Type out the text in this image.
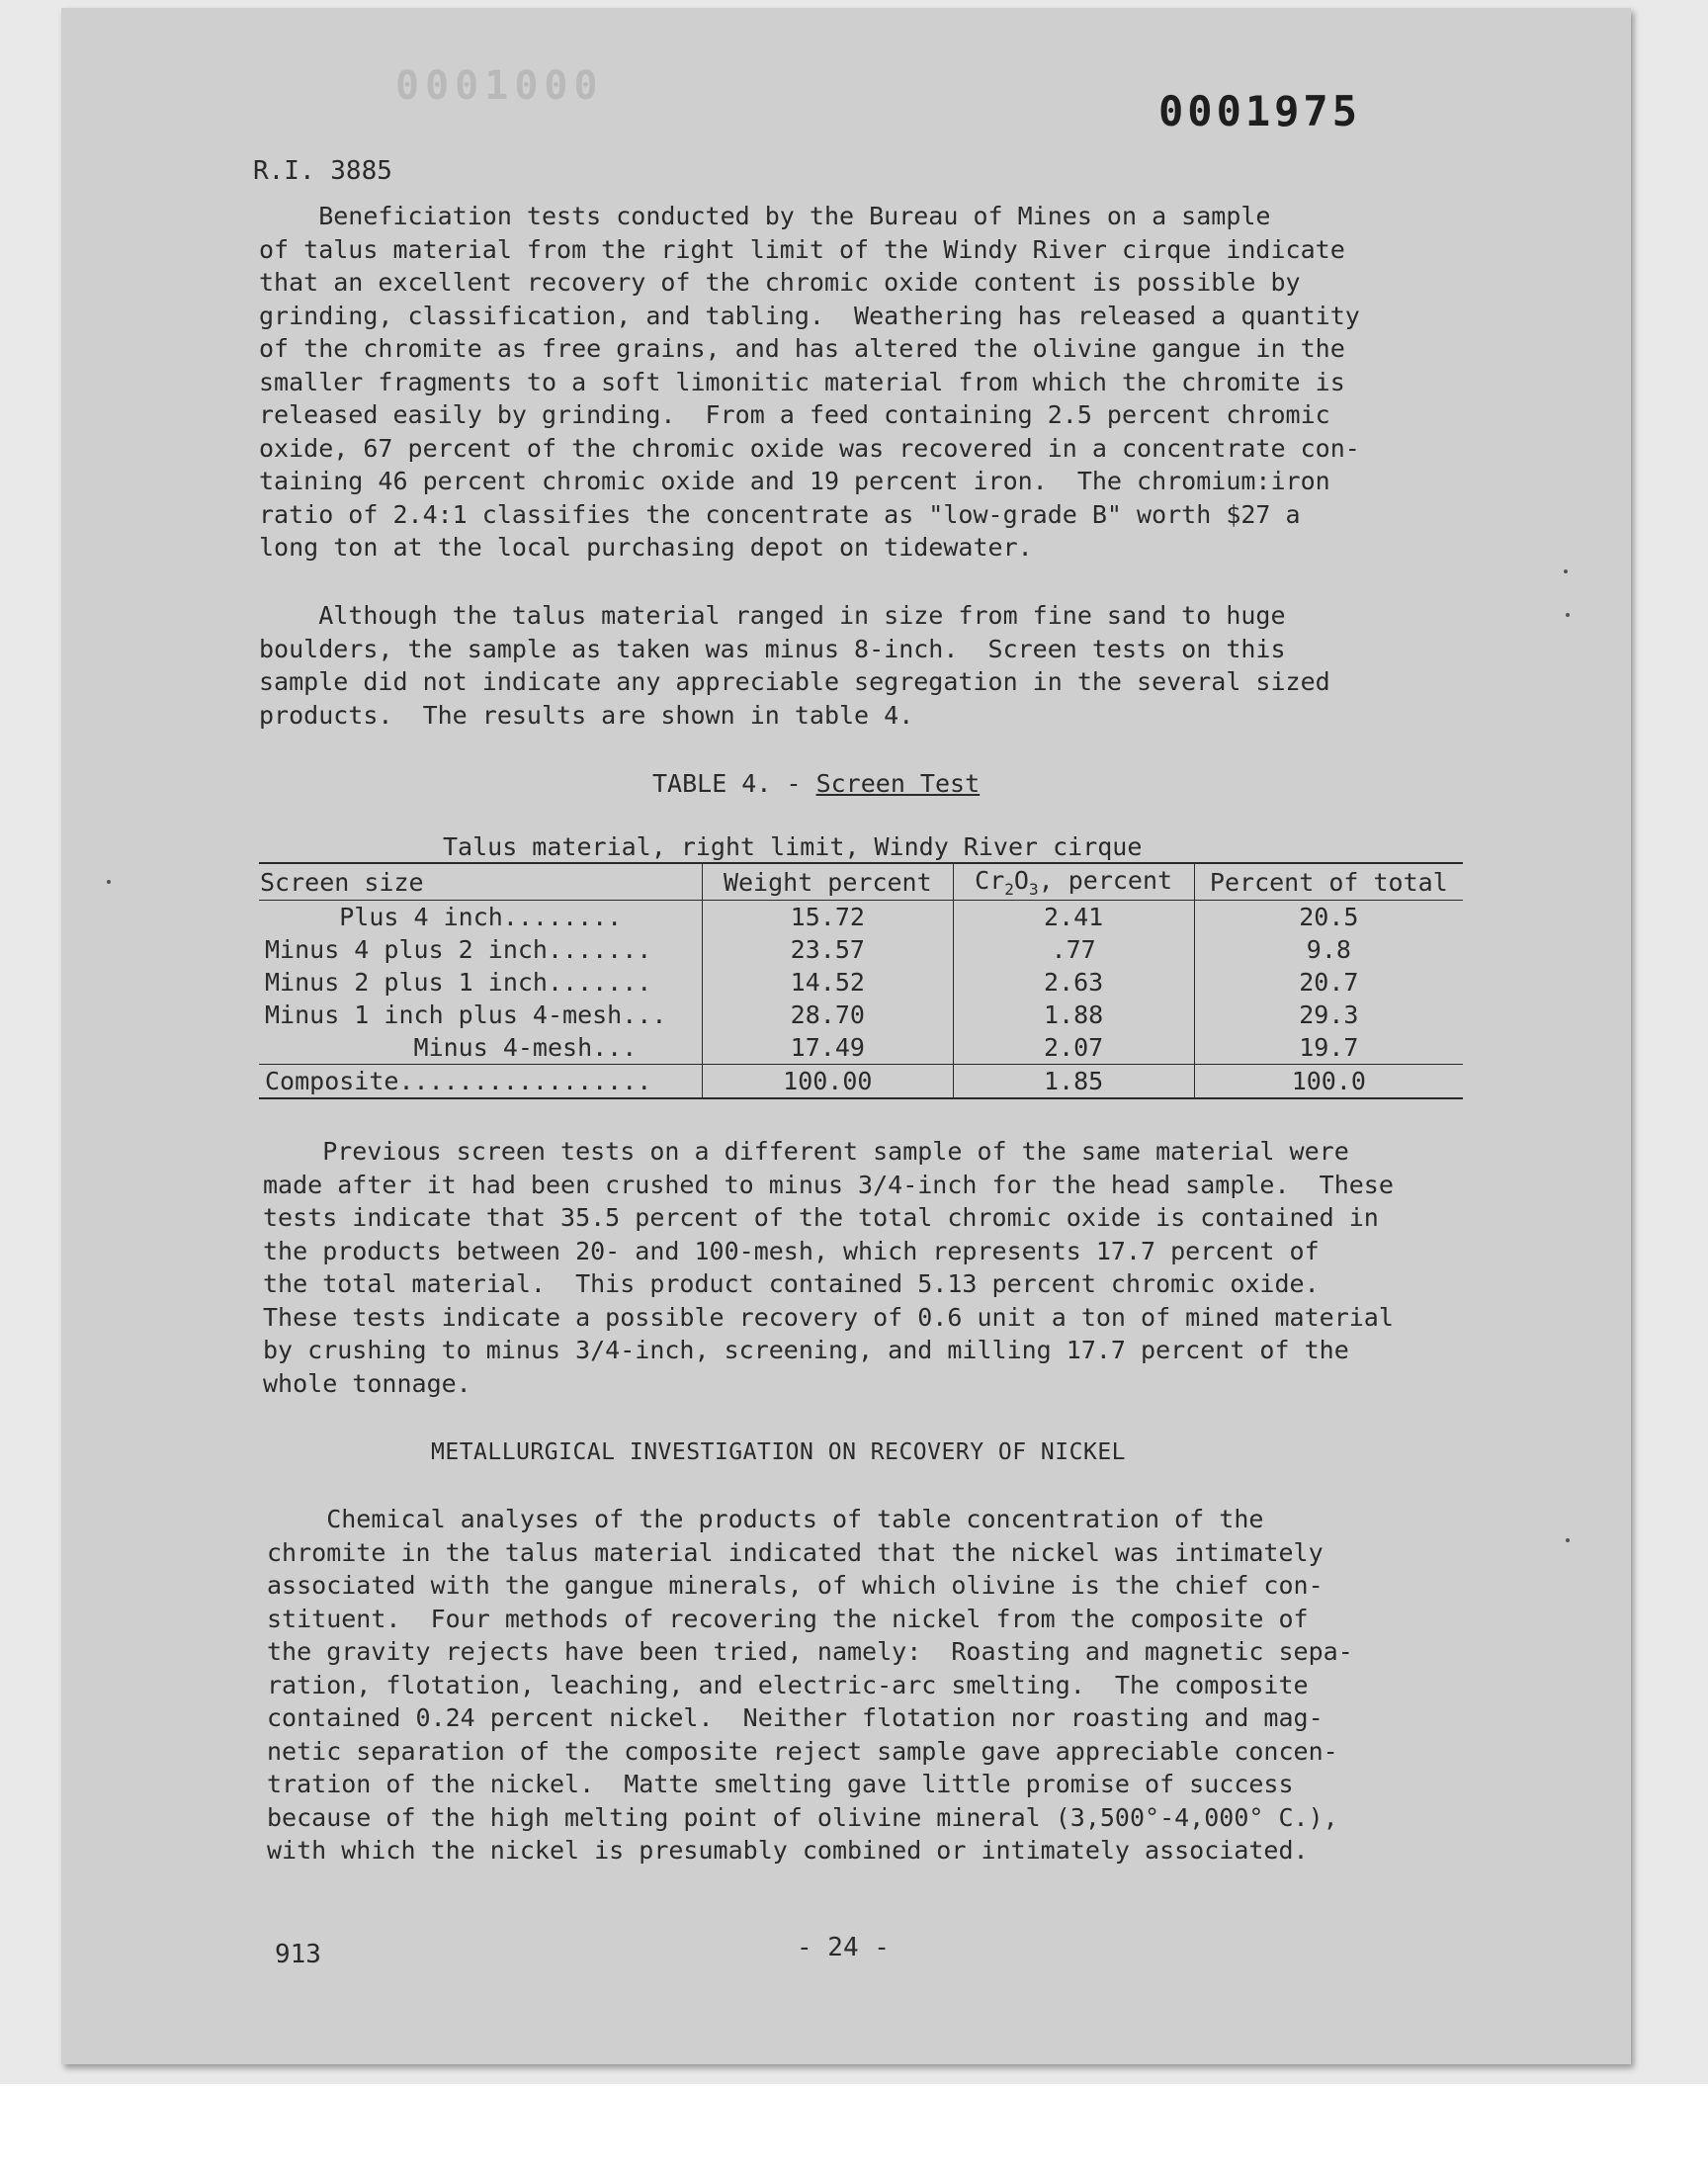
0001000
0001975
R.I. 3885
Beneficiation tests conducted by the Bureau of Mines on a sample
of talus material from the right limit of the Windy River cirque indicate
that an excellent recovery of the chromic oxide content is possible by
grinding, classification, and tabling.  Weathering has released a quantity
of the chromite as free grains, and has altered the olivine gangue in the
smaller fragments to a soft limonitic material from which the chromite is
released easily by grinding.  From a feed containing 2.5 percent chromic
oxide, 67 percent of the chromic oxide was recovered in a concentrate con-
taining 46 percent chromic oxide and 19 percent iron.  The chromium:iron
ratio of 2.4:1 classifies the concentrate as "low-grade B" worth $27 a
long ton at the local purchasing depot on tidewater.
Although the talus material ranged in size from fine sand to huge
boulders, the sample as taken was minus 8-inch.  Screen tests on this
sample did not indicate any appreciable segregation in the several sized
products.  The results are shown in table 4.
TABLE 4. - Screen Test
Talus material, right limit, Windy River cirque
Screen size	Weight percent	$Cr_2O_3$, percent	Percent of total
Plus 4 inch........	15.72	2.41	20.5
Minus 4 plus 2 inch.......	23.57	.77	9.8
Minus 2 plus 1 inch.......	14.52	2.63	20.7
Minus 1 inch plus 4-mesh...	28.70	1.88	29.3
Minus 4-mesh...	17.49	2.07	19.7
Composite.................	100.00	1.85	100.0
Previous screen tests on a different sample of the same material were
made after it had been crushed to minus 3/4-inch for the head sample.  These
tests indicate that 35.5 percent of the total chromic oxide is contained in
the products between 20- and 100-mesh, which represents 17.7 percent of
the total material.  This product contained 5.13 percent chromic oxide.
These tests indicate a possible recovery of 0.6 unit a ton of mined material
by crushing to minus 3/4-inch, screening, and milling 17.7 percent of the
whole tonnage.
METALLURGICAL INVESTIGATION ON RECOVERY OF NICKEL
Chemical analyses of the products of table concentration of the
chromite in the talus material indicated that the nickel was intimately
associated with the gangue minerals, of which olivine is the chief con-
stituent.  Four methods of recovering the nickel from the composite of
the gravity rejects have been tried, namely:  Roasting and magnetic sepa-
ration, flotation, leaching, and electric-arc smelting.  The composite
contained 0.24 percent nickel.  Neither flotation nor roasting and mag-
netic separation of the composite reject sample gave appreciable concen-
tration of the nickel.  Matte smelting gave little promise of success
because of the high melting point of olivine mineral (3,500°-4,000° C.),
with which the nickel is presumably combined or intimately associated.
913	- 24 -
